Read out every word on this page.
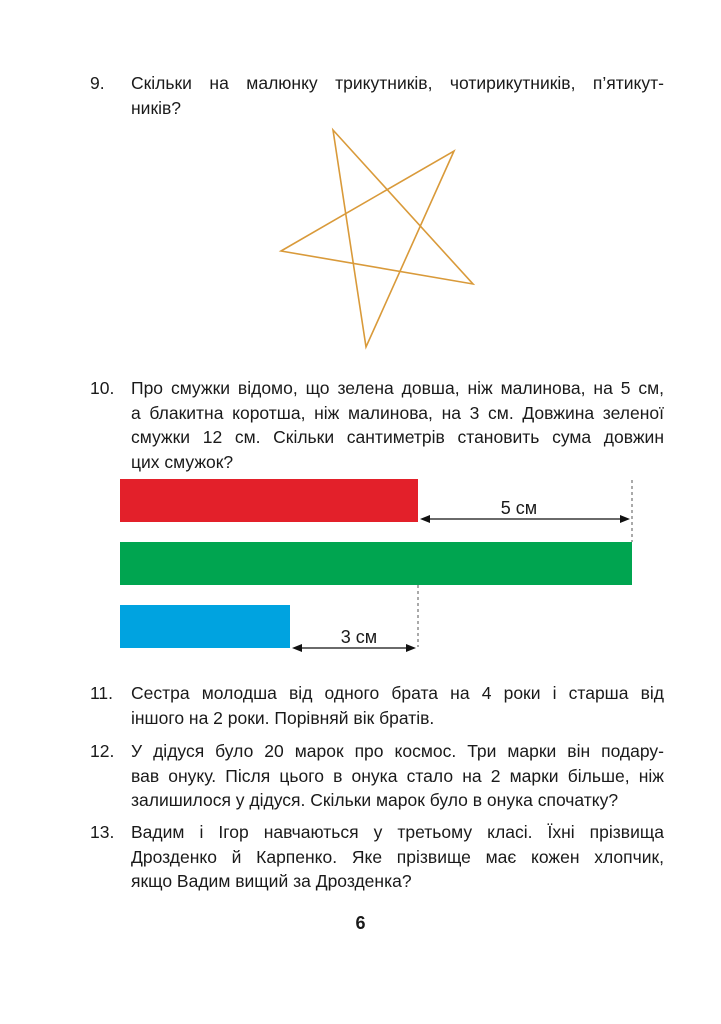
9. Скільки на малюнку трикутників, чотирикутників, п’ятикут-
ників?
5 см
3 см
10. Про смужки відомо, що зелена довша, ніж малинова, на 5 см,
а блакитна коротша, ніж малинова, на 3 см. Довжина зеленої
смужки 12 см. Скільки сантиметрів становить сума довжин
цих смужок?
11. Сестра молодша від одного брата на 4 роки і старша від
іншого на 2 роки. Порівняй вік братів.
12. У дідуся було 20 марок про космос. Три марки він подару-
вав онуку. Після цього в онука стало на 2 марки більше, ніж
залишилося у дідуся. Скільки марок було в онука спочатку?
13. Вадим і Ігор навчаються у третьому класі. Їхні прізвища
Дрозденко й Карпенко. Яке прізвище має кожен хлопчик,
якщо Вадим вищий за Дрозденка?
6
